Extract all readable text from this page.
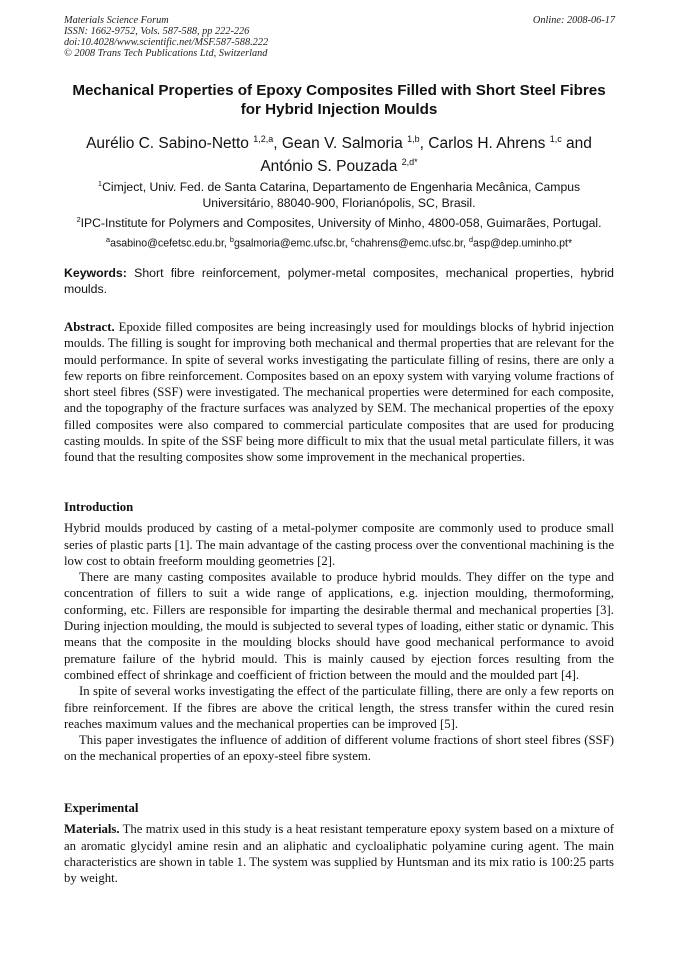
Materials Science Forum
ISSN: 1662-9752, Vols. 587-588, pp 222-226
doi:10.4028/www.scientific.net/MSF.587-588.222
© 2008 Trans Tech Publications Ltd, Switzerland
Online: 2008-06-17
Mechanical Properties of Epoxy Composites Filled with Short Steel Fibres for Hybrid Injection Moulds
Aurélio C. Sabino-Netto $^{1,2,a}$, Gean V. Salmoria $^{1,b}$, Carlos H. Ahrens $^{1,c}$ and
António S. Pouzada $^{2,d*}$
$^1$Cimject, Univ. Fed. de Santa Catarina, Departamento de Engenharia Mecânica, Campus Universitário, 88040-900, Florianópolis, SC, Brasil.
$^2$IPC-Institute for Polymers and Composites, University of Minho, 4800-058, Guimarães, Portugal.
$^a$asabino@cefetsc.edu.br, $^b$gsalmoria@emc.ufsc.br, $^c$chahrens@emc.ufsc.br, $^d$asp@dep.uminho.pt*
Keywords: Short fibre reinforcement, polymer-metal composites, mechanical properties, hybrid moulds.

Abstract. Epoxide filled composites are being increasingly used for mouldings blocks of hybrid injection moulds. The filling is sought for improving both mechanical and thermal properties that are relevant for the mould performance. In spite of several works investigating the particulate filling of resins, there are only a few reports on fibre reinforcement. Composites based on an epoxy system with varying volume fractions of short steel fibres (SSF) were investigated. The mechanical properties were determined for each composite, and the topography of the fracture surfaces was analyzed by SEM. The mechanical properties of the epoxy filled composites were also compared to commercial particulate composites that are used for producing casting moulds. In spite of the SSF being more difficult to mix that the usual metal particulate fillers, it was found that the resulting composites show some improvement in the mechanical properties.

Introduction

Hybrid moulds produced by casting of a metal-polymer composite are commonly used to produce small series of plastic parts [1]. The main advantage of the casting process over the conventional machining is the low cost to obtain freeform moulding geometries [2].

There are many casting composites available to produce hybrid moulds. They differ on the type and concentration of fillers to suit a wide range of applications, e.g. injection moulding, thermoforming, conforming, etc. Fillers are responsible for imparting the desirable thermal and mechanical properties [3]. During injection moulding, the mould is subjected to several types of loading, either static or dynamic. This means that the composite in the moulding blocks should have good mechanical performance to avoid premature failure of the hybrid mould. This is mainly caused by ejection forces resulting from the combined effect of shrinkage and coefficient of friction between the mould and the moulded part [4].

In spite of several works investigating the effect of the particulate filling, there are only a few reports on fibre reinforcement. If the fibres are above the critical length, the stress transfer within the cured resin reaches maximum values and the mechanical properties can be improved [5].

This paper investigates the influence of addition of different volume fractions of short steel fibres (SSF) on the mechanical properties of an epoxy-steel fibre system.

Experimental

Materials. The matrix used in this study is a heat resistant temperature epoxy system based on a mixture of an aromatic glycidyl amine resin and an aliphatic and cycloaliphatic polyamine curing agent. The main characteristics are shown in table 1. The system was supplied by Huntsman and its mix ratio is 100:25 parts by weight.
